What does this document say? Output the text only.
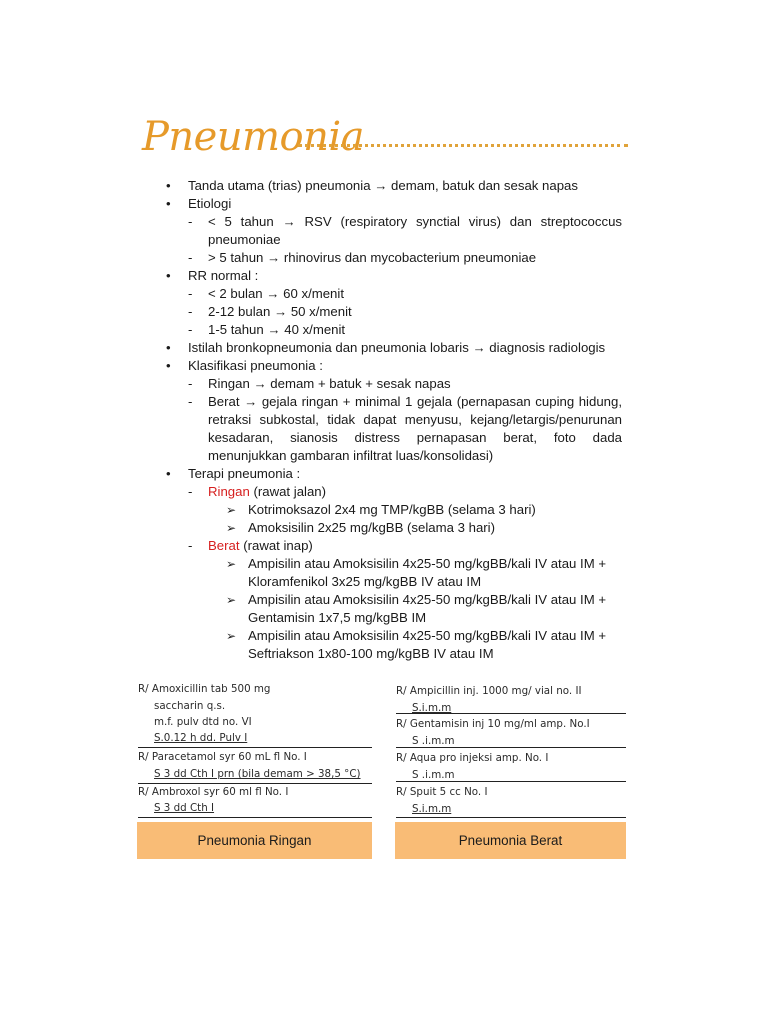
Pneumonia
• Tanda utama (trias) pneumonia → demam, batuk dan sesak napas
• Etiologi
- < 5 tahun → RSV (respiratory synctial virus) dan streptococcus pneumoniae
- > 5 tahun → rhinovirus dan mycobacterium pneumoniae
• RR normal :
- < 2 bulan → 60 x/menit
- 2-12 bulan → 50 x/menit
- 1-5 tahun → 40 x/menit
• Istilah bronkopneumonia dan pneumonia lobaris → diagnosis radiologis
• Klasifikasi pneumonia :
- Ringan → demam + batuk + sesak napas
- Berat → gejala ringan + minimal 1 gejala (pernapasan cuping hidung, retraksi subkostal, tidak dapat menyusu, kejang/letargis/penurunan kesadaran, sianosis distress pernapasan berat, foto dada menunjukkan gambaran infiltrat luas/konsolidasi)
• Terapi pneumonia :
- Ringan (rawat jalan)
➢ Kotrimoksazol 2x4 mg TMP/kgBB (selama 3 hari)
➢ Amoksisilin 2x25 mg/kgBB (selama 3 hari)
- Berat (rawat inap)
➢ Ampisilin atau Amoksisilin 4x25-50 mg/kgBB/kali IV atau IM + Kloramfenikol 3x25 mg/kgBB IV atau IM
➢ Ampisilin atau Amoksisilin 4x25-50 mg/kgBB/kali IV atau IM + Gentamisin 1x7,5 mg/kgBB IM
➢ Ampisilin atau Amoksisilin 4x25-50 mg/kgBB/kali IV atau IM + Seftriakson 1x80-100 mg/kgBB IV atau IM
R/ Amoxicillin tab 500 mg
saccharin q.s.
m.f. pulv dtd no. VI
S.0.12 h dd. Pulv I
R/ Paracetamol syr 60 mL fl No. I
S 3 dd Cth I prn (bila demam > 38,5 °C)
R/ Ambroxol syr 60 ml fl No. I
S 3 dd Cth I
R/ Ampicillin inj. 1000 mg/ vial no. II
S.i.m.m
R/ Gentamisin inj 10 mg/ml amp. No.I
S .i.m.m
R/ Aqua pro injeksi amp. No. I
S .i.m.m
R/ Spuit 5 cc No. I
S.i.m.m
Pneumonia Ringan	Pneumonia Berat
